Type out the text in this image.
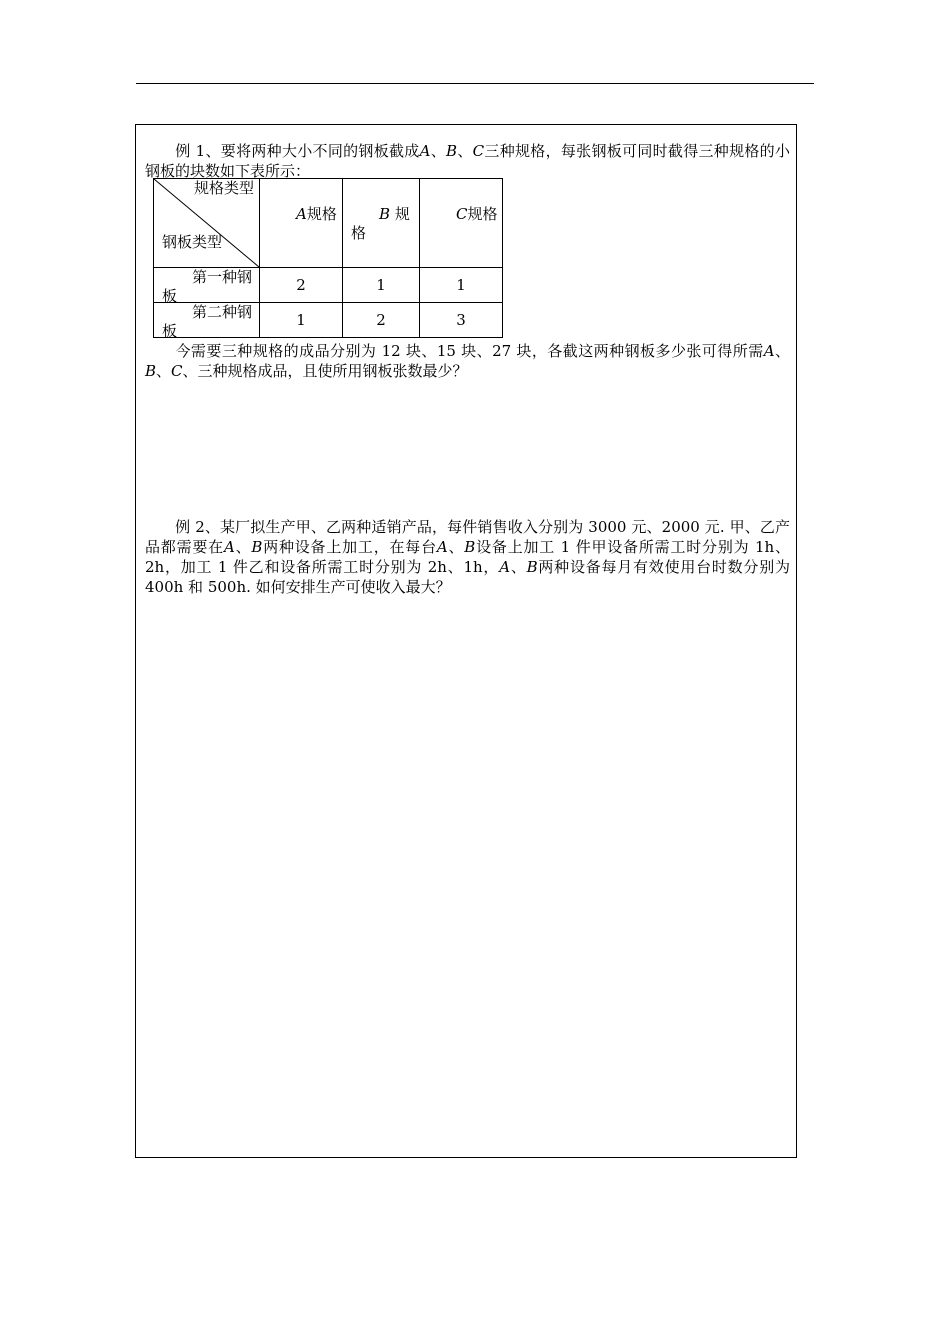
例 1、要将两种大小不同的钢板截成A、B、C三种规格，每张钢板可同时截得三种规格的小钢板的块数如下表所示：

规格类型
钢板类型	A规格	B 规格	C规格

第一种钢板	2	1	1

第二种钢板	1	2	3

今需要三种规格的成品分别为 12 块、15 块、27 块，各截这两种钢板多少张可得所需A、B、C、三种规格成品，且使所用钢板张数最少？

例 2、某厂拟生产甲、乙两种适销产品，每件销售收入分别为 3000 元、2000 元. 甲、乙产品都需要在A、B两种设备上加工，在每台A、B设备上加工 1 件甲设备所需工时分别为 1h、2h，加工 1 件乙和设备所需工时分别为 2h、1h，A、B两种设备每月有效使用台时数分别为 400h 和 500h. 如何安排生产可使收入最大？
